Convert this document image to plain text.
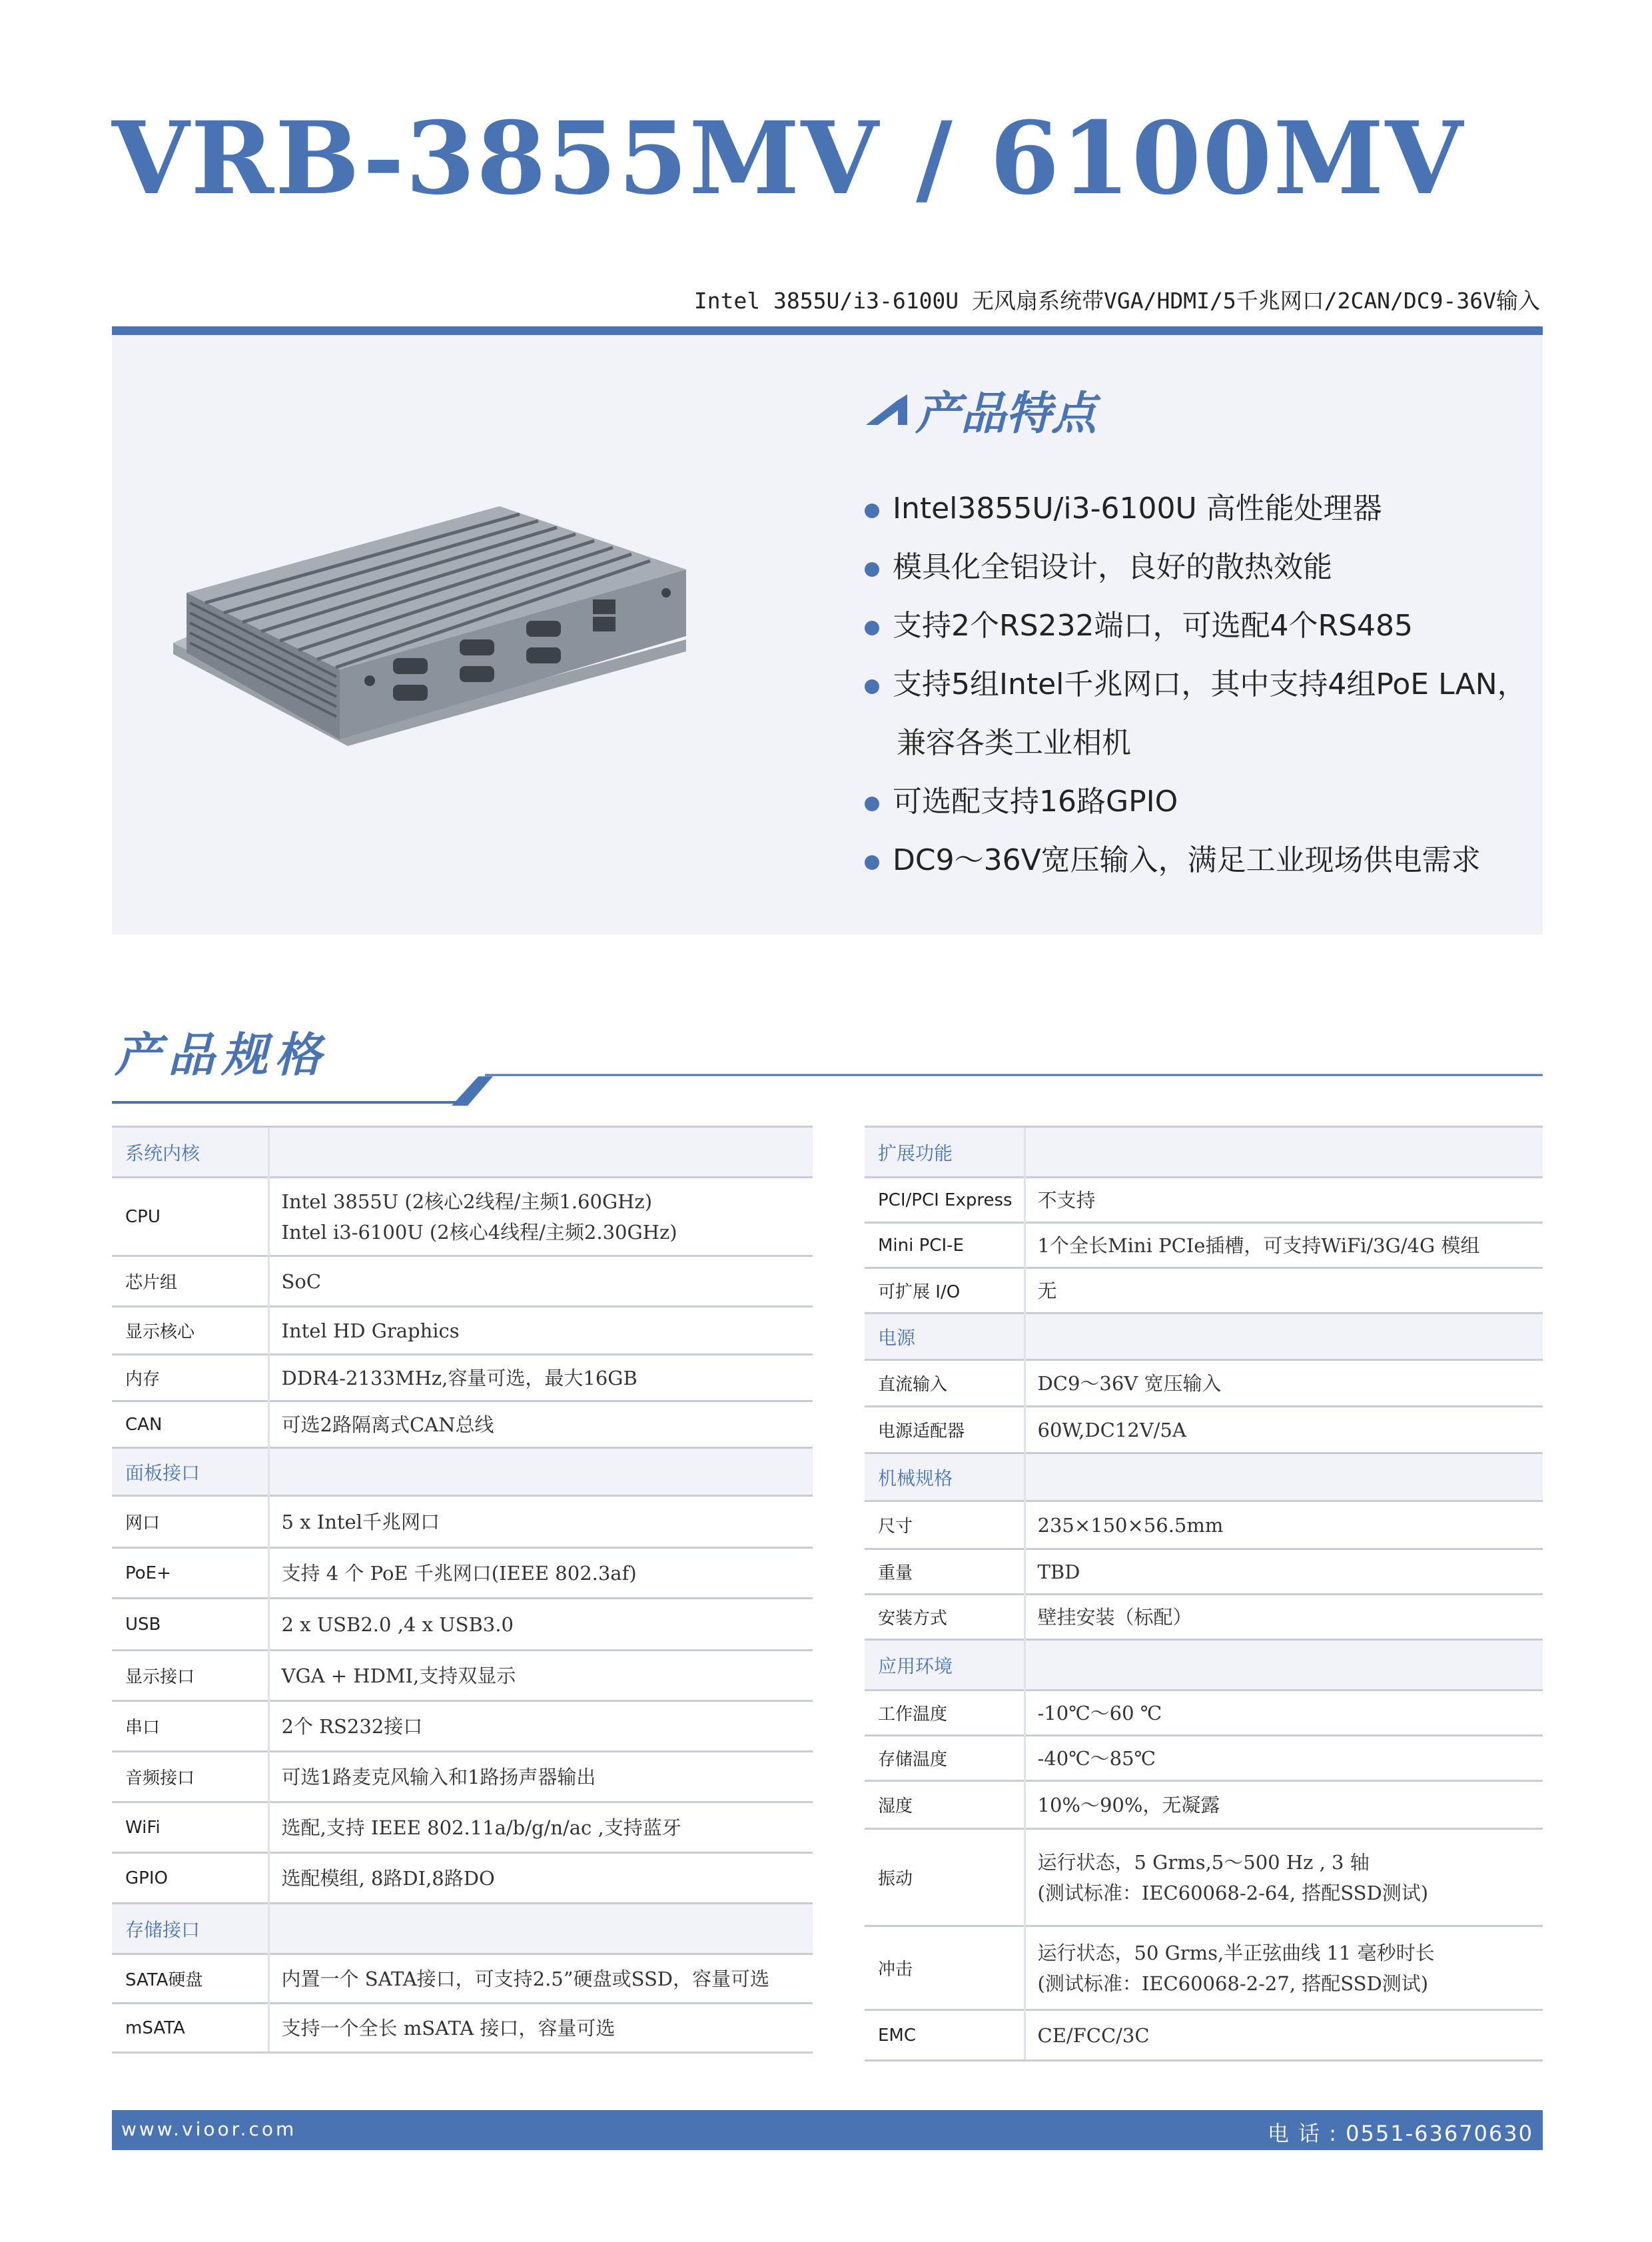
VRB-3855MV / 6100MV
Intel 3855U/i3-6100U 无风扇系统带VGA/HDMI/5千兆网口/2CAN/DC9-36V输入
产品特点
Intel3855U/i3-6100U 高性能处理器
模具化全铝设计，良好的散热效能
支持2个RS232端口，可选配4个RS485
支持5组Intel千兆网口，其中支持4组PoE LAN，
兼容各类工业相机
可选配支持16路GPIO
DC9～36V宽压输入，满足工业现场供电需求
产品规格
系统内核	
CPU	Intel 3855U (2核心2线程/主频1.60GHz)
Intel i3-6100U (2核心4线程/主频2.30GHz)

芯片组	SoC

显示核心	Intel HD Graphics

内存	DDR4-2133MHz,容量可选，最大16GB

CAN	可选2路隔离式CAN总线

面板接口	
网口	5 x Intel千兆网口

PoE+	支持 4 个 PoE 千兆网口(IEEE 802.3af)

USB	2 x USB2.0 ,4 x USB3.0

显示接口	VGA + HDMI,支持双显示

串口	2个 RS232接口

音频接口	可选1路麦克风输入和1路扬声器输出

WiFi	选配,支持 IEEE 802.11a/b/g/n/ac ,支持蓝牙

GPIO	选配模组, 8路DI,8路DO

存储接口	
SATA硬盘	内置一个 SATA接口，可支持2.5”硬盘或SSD，容量可选

mSATA	支持一个全长 mSATA 接口，容量可选
扩展功能	
PCI/PCI Express	不支持

Mini PCI-E	1个全长Mini PCIe插槽，可支持WiFi/3G/4G 模组

可扩展 I/O	无

电源	
直流输入	DC9～36V 宽压输入

电源适配器	60W,DC12V/5A

机械规格	
尺寸	235×150×56.5mm

重量	TBD

安装方式	壁挂安装（标配）

应用环境	
工作温度	-10℃～60 ℃

存储温度	-40℃～85℃

湿度	10%～90%，无凝露

振动	运行状态，5 Grms,5～500 Hz , 3 轴
(测试标准：IEC60068-2-64, 搭配SSD测试)

冲击	运行状态，50 Grms,半正弦曲线 11 毫秒时长
(测试标准：IEC60068-2-27, 搭配SSD测试)

EMC	CE/FCC/3C
www.vioor.com	电 话 : 0551-63670630
